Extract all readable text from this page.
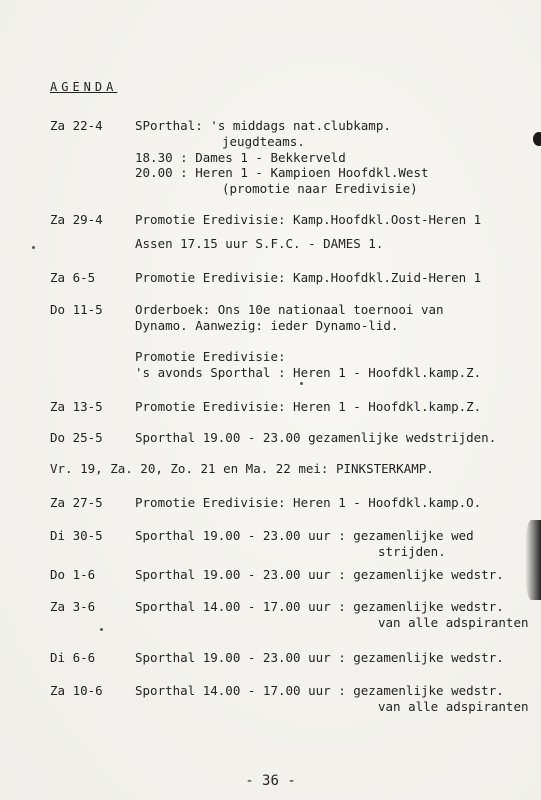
AGENDA
Za 22-4	SPorthal: 's middags nat.clubkamp.
jeugdteams.
18.30 : Dames 1 - Bekkerveld
20.00 : Heren 1 - Kampioen Hoofdkl.West
(promotie naar Eredivisie)
Za 29-4	Promotie Eredivisie: Kamp.Hoofdkl.Oost-Heren 1
Assen 17.15 uur S.F.C. - DAMES 1.
Za 6-5	Promotie Eredivisie: Kamp.Hoofdkl.Zuid-Heren 1
Do 11-5	Orderboek: Ons 10e nationaal toernooi van
Dynamo. Aanwezig: ieder Dynamo-lid.
Promotie Eredivisie:
's avonds Sporthal : Heren 1 - Hoofdkl.kamp.Z.
Za 13-5	Promotie Eredivisie: Heren 1 - Hoofdkl.kamp.Z.
Do 25-5	Sporthal 19.00 - 23.00 gezamenlijke wedstrijden.
Vr. 19, Za. 20, Zo. 21 en Ma. 22 mei: PINKSTERKAMP.
Za 27-5	Promotie Eredivisie: Heren 1 - Hoofdkl.kamp.O.
Di 30-5	Sporthal 19.00 - 23.00 uur : gezamenlijke wed
strijden.
Do 1-6	Sporthal 19.00 - 23.00 uur : gezamenlijke wedstr.
Za 3-6	Sporthal 14.00 - 17.00 uur : gezamenlijke wedstr.
van alle adspiranten
Di 6-6	Sporthal 19.00 - 23.00 uur : gezamenlijke wedstr.
Za 10-6	Sporthal 14.00 - 17.00 uur : gezamenlijke wedstr.
van alle adspiranten
- 36 -
